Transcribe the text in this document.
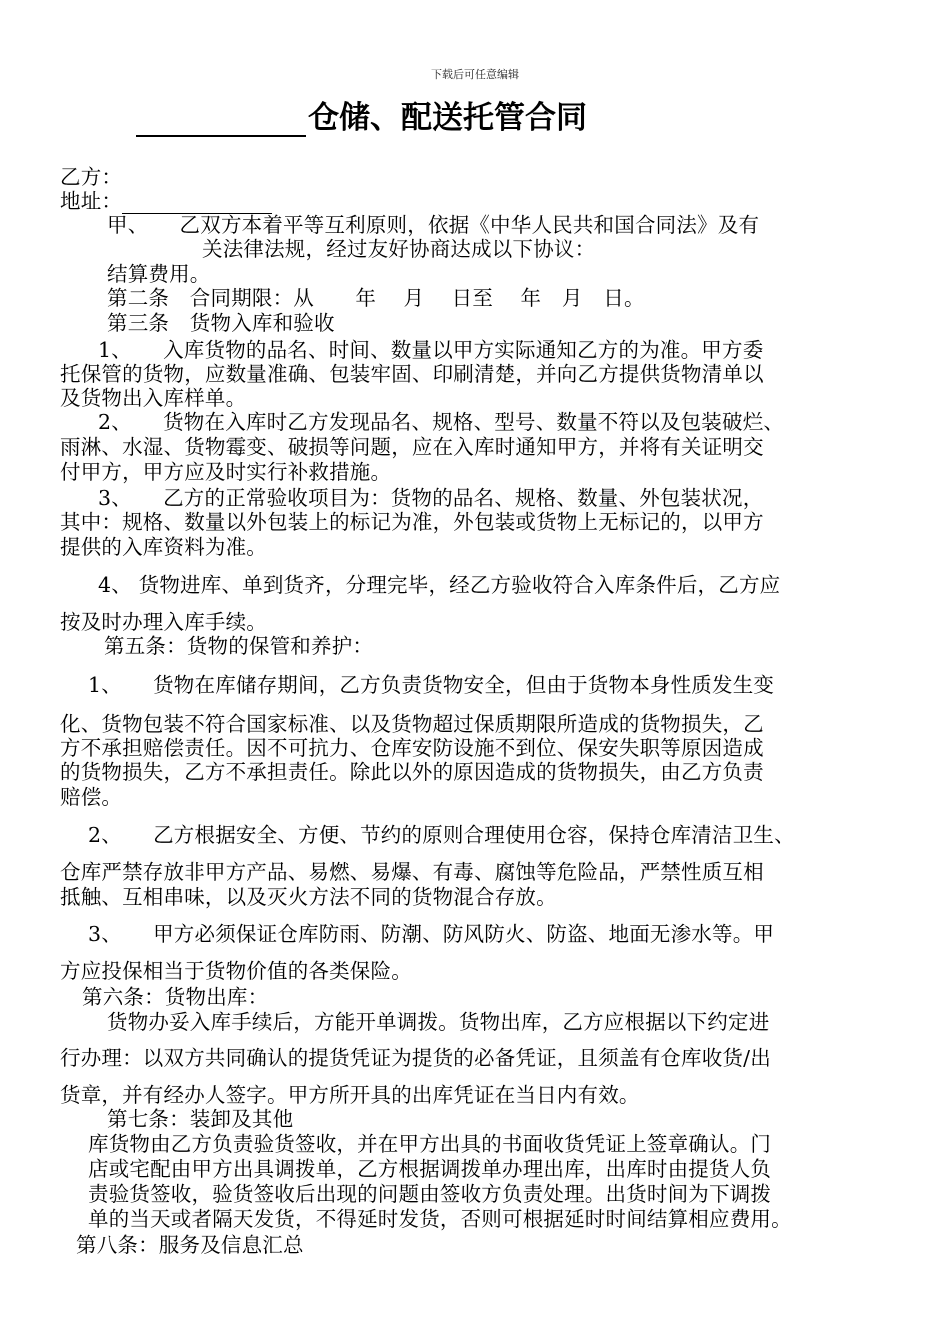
下载后可任意编辑
仓储、配送托管合同
乙方：
地址：
甲、　　乙双方本着平等互利原则，依据《中华人民共和国合同法》及有
关法律法规，经过友好协商达成以下协议：
结算费用。
第二条　合同期限：从　　年　 月　 日至　 年　月　日。
第三条　货物入库和验收
1、　　入库货物的品名、时间、数量以甲方实际通知乙方的为准。甲方委
托保管的货物，应数量准确、包装牢固、印刷清楚，并向乙方提供货物清单以
及货物出入库样单。
2、　　货物在入库时乙方发现品名、规格、型号、数量不符以及包装破烂、
雨淋、水湿、货物霉变、破损等问题，应在入库时通知甲方，并将有关证明交
付甲方，甲方应及时实行补救措施。
3、　　乙方的正常验收项目为：货物的品名、规格、数量、外包装状况，
其中：规格、数量以外包装上的标记为准，外包装或货物上无标记的，以甲方
提供的入库资料为准。
4、 货物进库、单到货齐，分理完毕，经乙方验收符合入库条件后，乙方应
按及时办理入库手续。
第五条：货物的保管和养护：
1、　　货物在库储存期间，乙方负责货物安全，但由于货物本身性质发生变
化、货物包装不符合国家标准、以及货物超过保质期限所造成的货物损失，乙
方不承担赔偿责任。因不可抗力、仓库安防设施不到位、保安失职等原因造成
的货物损失，乙方不承担责任。除此以外的原因造成的货物损失，由乙方负责
赔偿。
2、　　乙方根据安全、方便、节约的原则合理使用仓容，保持仓库清洁卫生、
仓库严禁存放非甲方产品、易燃、易爆、有毒、腐蚀等危险品，严禁性质互相
抵触、互相串味，以及灭火方法不同的货物混合存放。
3、　　甲方必须保证仓库防雨、防潮、防风防火、防盗、地面无渗水等。甲
方应投保相当于货物价值的各类保险。
第六条：货物出库：
货物办妥入库手续后，方能开单调拨。货物出库，乙方应根据以下约定进
行办理：以双方共同确认的提货凭证为提货的必备凭证，且须盖有仓库收货/出
货章，并有经办人签字。甲方所开具的出库凭证在当日内有效。
第七条：装卸及其他
库货物由乙方负责验货签收，并在甲方出具的书面收货凭证上签章确认。门
店或宅配由甲方出具调拨单，乙方根据调拨单办理出库，出库时由提货人负
责验货签收，验货签收后出现的问题由签收方负责处理。出货时间为下调拨
单的当天或者隔天发货，不得延时发货，否则可根据延时时间结算相应费用。
第八条：服务及信息汇总
